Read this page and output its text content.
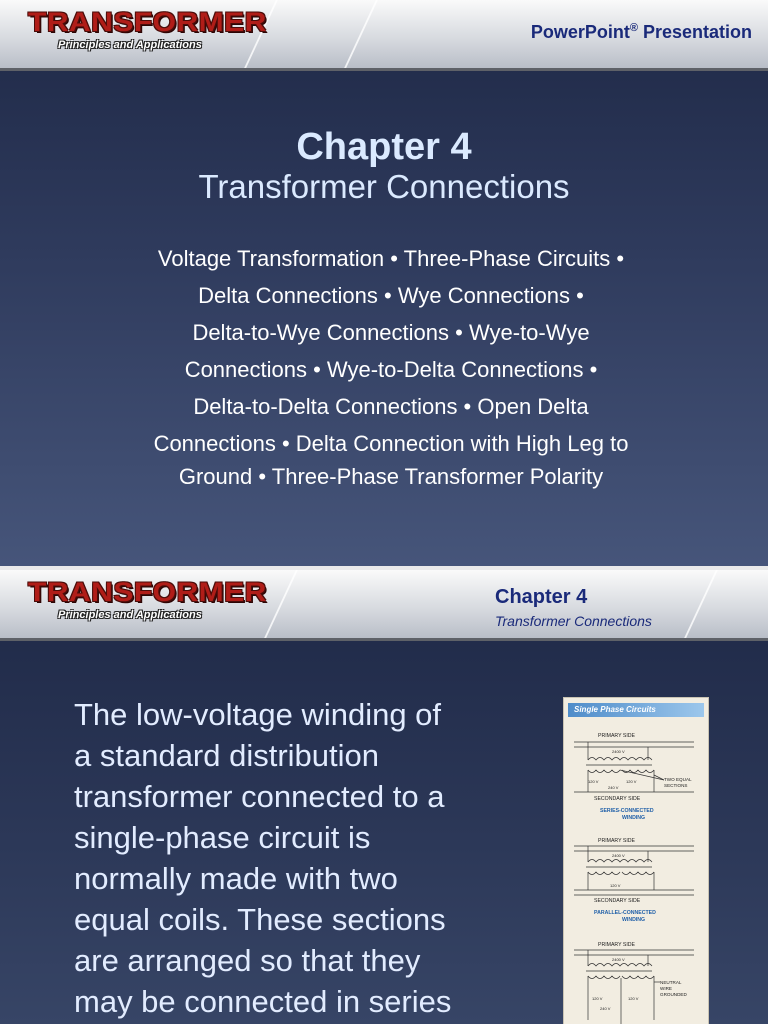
TRANSFORMER
Principles and Applications
PowerPoint® Presentation
Chapter 4
Transformer Connections
Voltage Transformation • Three-Phase Circuits •
Delta Connections • Wye Connections •
Delta-to-Wye Connections • Wye-to-Wye
Connections • Wye-to-Delta Connections •
Delta-to-Delta Connections • Open Delta
Connections • Delta Connection with High Leg to
Ground • Three-Phase Transformer Polarity
TRANSFORMER
Principles and Applications
Chapter 4
Transformer Connections
The low-voltage winding of
a standard distribution
transformer connected to a
single-phase circuit is
normally made with two
equal coils. These sections
are arranged so that they
may be connected in series
Single Phase Circuits
PRIMARY SIDE
2400 V
120 V	120 V
240 V
TWO EQUAL
SECTIONS
SECONDARY SIDE
SERIES-CONNECTED
WINDING
PRIMARY SIDE
2400 V
120 V
SECONDARY SIDE
PARALLEL-CONNECTED
WINDING
PRIMARY SIDE
2400 V
120 V	120 V
240 V
NEUTRAL
WIRE
GROUNDED
